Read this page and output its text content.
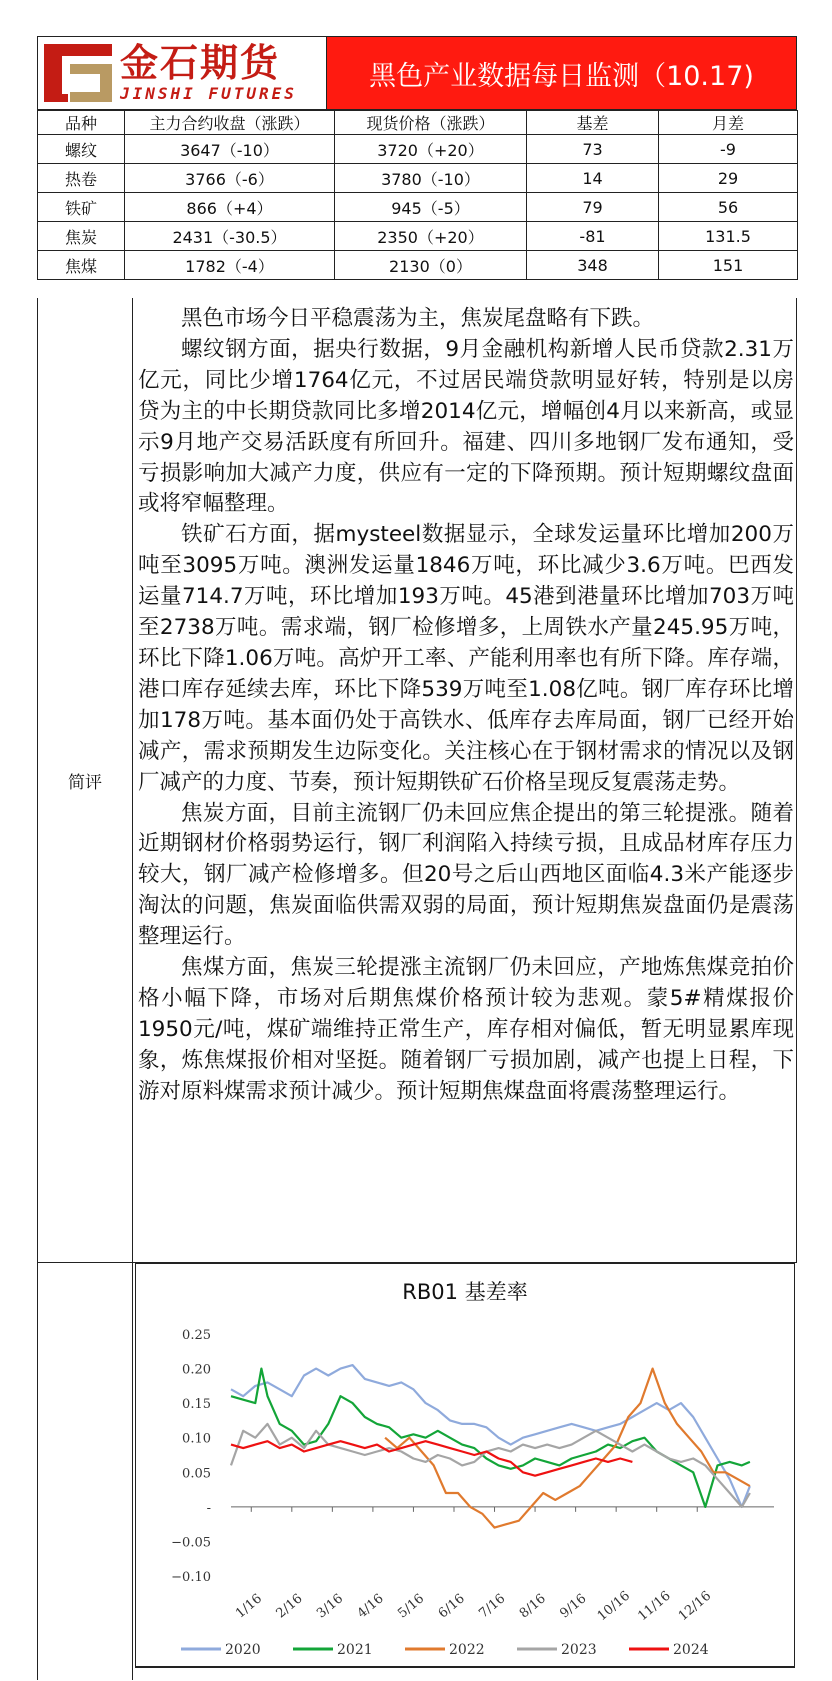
金石期货
JINSHI FUTURES
黑色产业数据每日监测（10.17)
品种	主力合约收盘（涨跌）	现货价格（涨跌）	基差	月差
螺纹	3647（-10）	3720（+20）	73	-9
热卷	3766（-6）	3780（-10）	14	29
铁矿	866（+4）	945（-5）	79	56
焦炭	2431（-30.5）	2350（+20）	-81	131.5
焦煤	1782（-4）	2130（0）	348	151
简评

黑色市场今日平稳震荡为主，焦炭尾盘略有下跌。

螺纹钢方面，据央行数据，9月金融机构新增人民币贷款2.31万亿元，同比少增1764亿元，不过居民端贷款明显好转，特别是以房贷为主的中长期贷款同比多增2014亿元，增幅创4月以来新高，或显示9月地产交易活跃度有所回升。福建、四川多地钢厂发布通知，受亏损影响加大减产力度，供应有一定的下降预期。预计短期螺纹盘面或将窄幅整理。

铁矿石方面，据mysteel数据显示，全球发运量环比增加200万吨至3095万吨。澳洲发运量1846万吨，环比减少3.6万吨。巴西发运量714.7万吨，环比增加193万吨。45港到港量环比增加703万吨至2738万吨。需求端，钢厂检修增多，上周铁水产量245.95万吨，环比下降1.06万吨。高炉开工率、产能利用率也有所下降。库存端，港口库存延续去库，环比下降539万吨至1.08亿吨。钢厂库存环比增加178万吨。基本面仍处于高铁水、低库存去库局面，钢厂已经开始减产，需求预期发生边际变化。关注核心在于钢材需求的情况以及钢厂减产的力度、节奏，预计短期铁矿石价格呈现反复震荡走势。

焦炭方面，目前主流钢厂仍未回应焦企提出的第三轮提涨。随着近期钢材价格弱势运行，钢厂利润陷入持续亏损，且成品材库存压力较大，钢厂减产检修增多。但20号之后山西地区面临4.3米产能逐步淘汰的问题，焦炭面临供需双弱的局面，预计短期焦炭盘面仍是震荡整理运行。

焦煤方面，焦炭三轮提涨主流钢厂仍未回应，产地炼焦煤竞拍价格小幅下降，市场对后期焦煤价格预计较为悲观。蒙5#精煤报价1950元/吨，煤矿端维持正常生产，库存相对偏低，暂无明显累库现象，炼焦煤报价相对坚挺。随着钢厂亏损加剧，减产也提上日程，下游对原料煤需求预计减少。预计短期焦煤盘面将震荡整理运行。

RB01 基差率
0.25
0.20
0.15
0.10
0.05
-
−0.05
−0.10
1/16 2/16 3/16 4/16 5/16 6/16 7/16 8/16 9/16 10/16 11/16 12/16
2020	2021	2022	2023	2024
